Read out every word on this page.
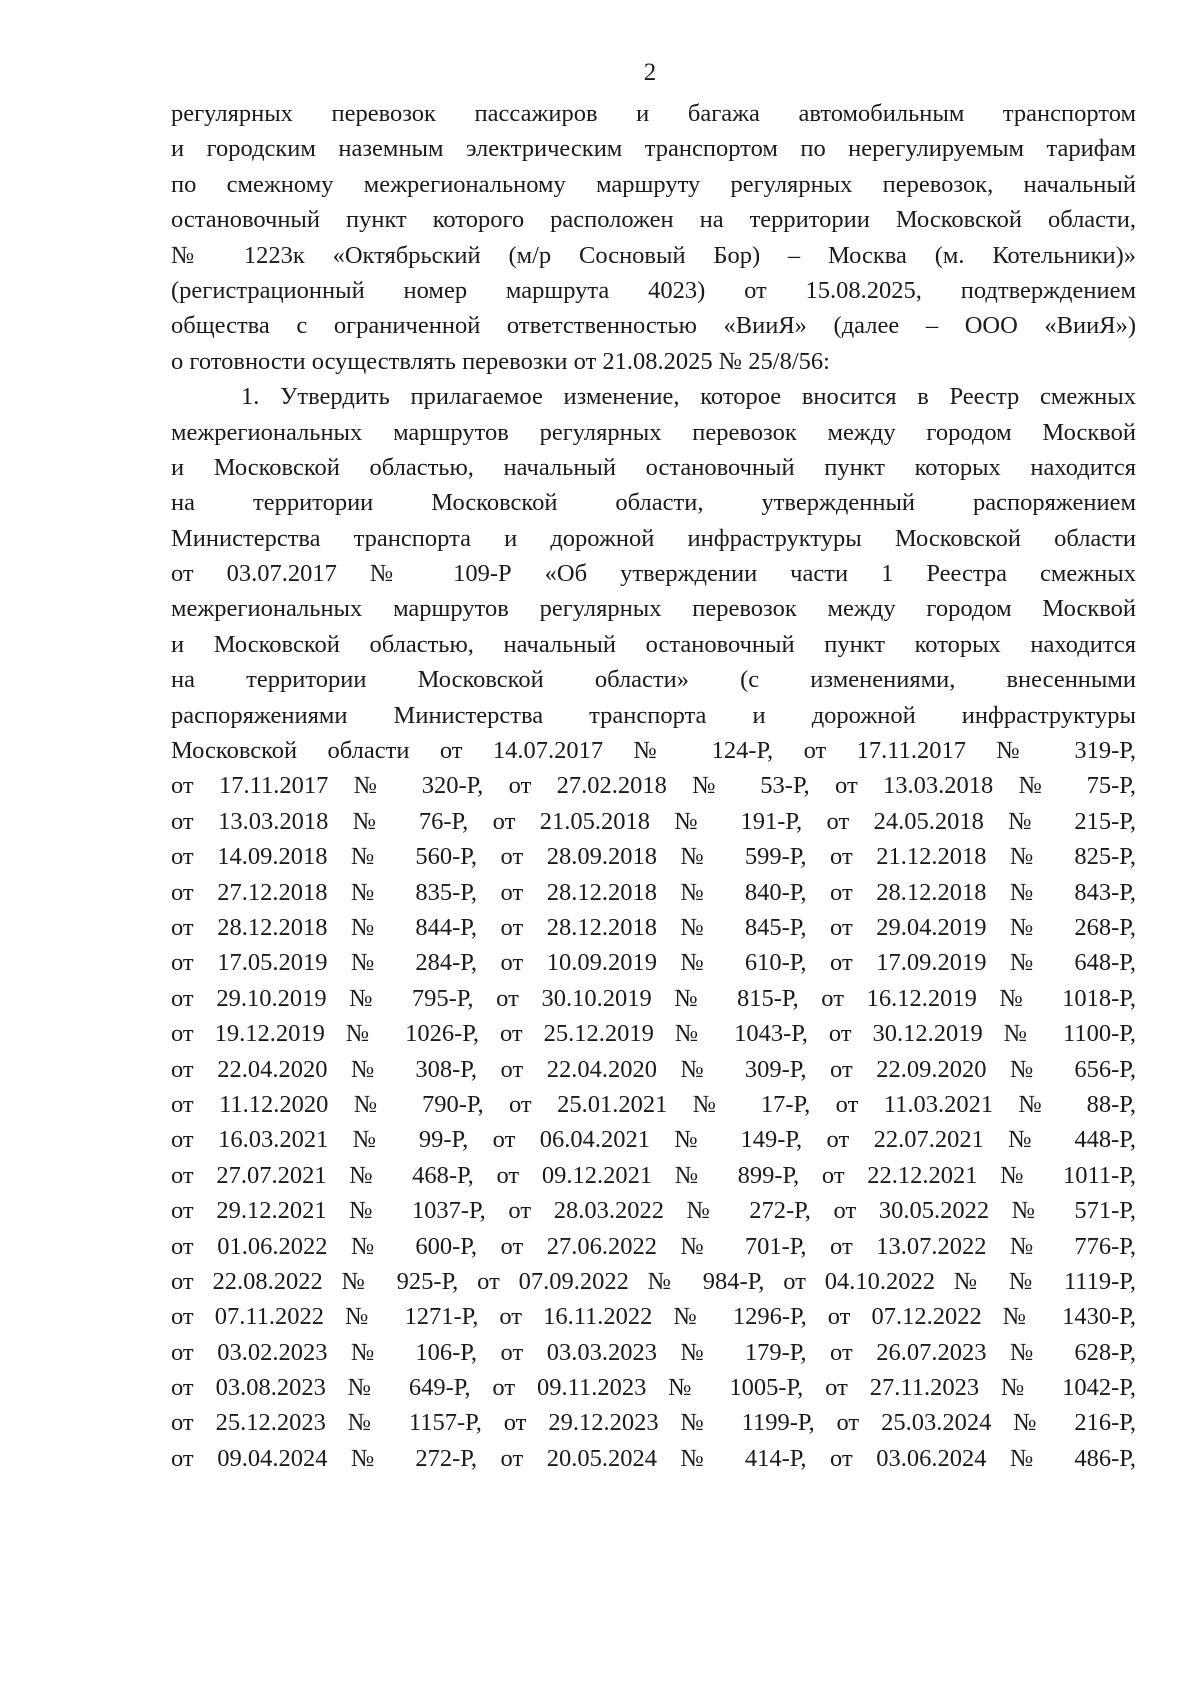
2
регулярных перевозок пассажиров и багажа автомобильным транспортом
и городским наземным электрическим транспортом по нерегулируемым тарифам
по смежному межрегиональному маршруту регулярных перевозок, начальный
остановочный пункт которого расположен на территории Московской области,
№ 1223к «Октябрьский (м/р Сосновый Бор) – Москва (м. Котельники)»
(регистрационный номер маршрута 4023) от 15.08.2025, подтверждением
общества с ограниченной ответственностью «ВииЯ» (далее – ООО «ВииЯ»)
о готовности осуществлять перевозки от 21.08.2025 № 25/8/56:
1. Утвердить прилагаемое изменение, которое вносится в Реестр смежных
межрегиональных маршрутов регулярных перевозок между городом Москвой
и Московской областью, начальный остановочный пункт которых находится
на территории Московской области, утвержденный распоряжением
Министерства транспорта и дорожной инфраструктуры Московской области
от 03.07.2017 № 109-Р «Об утверждении части 1 Реестра смежных
межрегиональных маршрутов регулярных перевозок между городом Москвой
и Московской областью, начальный остановочный пункт которых находится
на территории Московской области» (с изменениями, внесенными
распоряжениями Министерства транспорта и дорожной инфраструктуры
Московской области от 14.07.2017 № 124-Р, от 17.11.2017 № 319-Р,
от 17.11.2017 № 320-Р, от 27.02.2018 № 53-Р, от 13.03.2018 № 75-Р,
от 13.03.2018 № 76-Р, от 21.05.2018 № 191-Р, от 24.05.2018 № 215-Р,
от 14.09.2018 № 560-Р, от 28.09.2018 № 599-Р, от 21.12.2018 № 825-Р,
от 27.12.2018 № 835-Р, от 28.12.2018 № 840-Р, от 28.12.2018 № 843-Р,
от 28.12.2018 № 844-Р, от 28.12.2018 № 845-Р, от 29.04.2019 № 268-Р,
от 17.05.2019 № 284-Р, от 10.09.2019 № 610-Р, от 17.09.2019 № 648-Р,
от 29.10.2019 № 795-Р, от 30.10.2019 № 815-Р, от 16.12.2019 № 1018-Р,
от 19.12.2019 № 1026-Р, от 25.12.2019 № 1043-Р, от 30.12.2019 № 1100-Р,
от 22.04.2020 № 308-Р, от 22.04.2020 № 309-Р, от 22.09.2020 № 656-Р,
от 11.12.2020 № 790-Р, от 25.01.2021 № 17-Р, от 11.03.2021 № 88-Р,
от 16.03.2021 № 99-Р, от 06.04.2021 № 149-Р, от 22.07.2021 № 448-Р,
от 27.07.2021 № 468-Р, от 09.12.2021 № 899-Р, от 22.12.2021 № 1011-Р,
от 29.12.2021 № 1037-Р, от 28.03.2022 № 272-Р, от 30.05.2022 № 571-Р,
от 01.06.2022 № 600-Р, от 27.06.2022 № 701-Р, от 13.07.2022 № 776-Р,
от 22.08.2022 № 925-Р, от 07.09.2022 № 984-Р, от 04.10.2022 № № 1119-Р,
от 07.11.2022 № 1271-Р, от 16.11.2022 № 1296-Р, от 07.12.2022 № 1430-Р,
от 03.02.2023 № 106-Р, от 03.03.2023 № 179-Р, от 26.07.2023 № 628-Р,
от 03.08.2023 № 649-Р, от 09.11.2023 № 1005-Р, от 27.11.2023 № 1042-Р,
от 25.12.2023 № 1157-Р, от 29.12.2023 № 1199-Р, от 25.03.2024 № 216-Р,
от 09.04.2024 № 272-Р, от 20.05.2024 № 414-Р, от 03.06.2024 № 486-Р,
